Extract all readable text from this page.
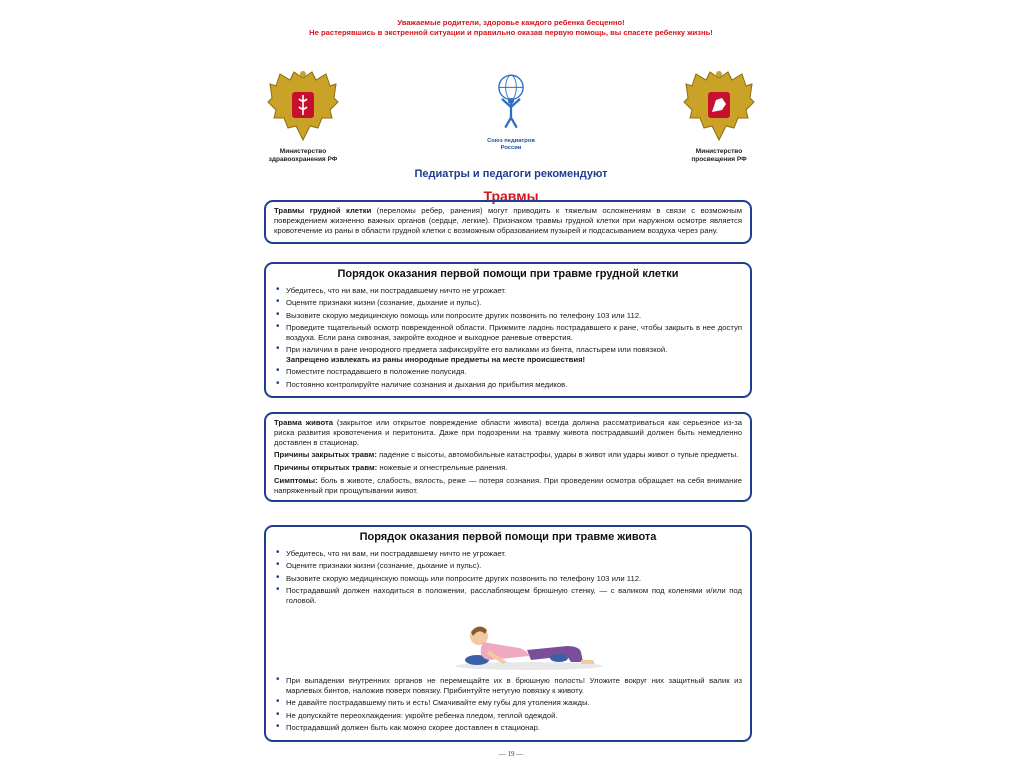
Уважаемые родители, здоровье каждого ребенка бесценно!
Не растерявшись в экстренной ситуации и правильно оказав первую помощь, вы спасете ребенку жизнь!
Министерство здравоохранения РФ
Союз педиатров России
Министерство просвещения РФ
Педиатры и педагоги рекомендуют
Травмы

Травмы грудной клетки (переломы ребер, ранения) могут приводить к тяжелым осложнениям в связи с возможным повреждением жизненно важных органов (сердце, легкие). Признаком травмы грудной клетки при наружном осмотре является кровотечение из раны в области грудной клетки с возможным образованием пузырей и подсасыванием воздуха через рану.

Порядок оказания первой помощи при травме грудной клетки
• Убедитесь, что ни вам, ни пострадавшему ничто не угрожает.
• Оцените признаки жизни (сознание, дыхание и пульс).
• Вызовите скорую медицинскую помощь или попросите других позвонить по телефону 103 или 112.
• Проведите тщательный осмотр поврежденной области. Прижмите ладонь пострадавшего к ране, чтобы закрыть в нее доступ воздуха. Если рана сквозная, закройте входное и выходное раневые отверстия.
• При наличии в ране инородного предмета зафиксируйте его валиками из бинта, пластырем или повязкой.
Запрещено извлекать из раны инородные предметы на месте происшествия!
• Поместите пострадавшего в положение полусидя.
• Постоянно контролируйте наличие сознания и дыхания до прибытия медиков.

Травма живота (закрытое или открытое повреждение области живота) всегда должна рассматриваться как серьезное из-за риска развития кровотечения и перитонита. Даже при подозрении на травму живота пострадавший должен быть немедленно доставлен в стационар.

Причины закрытых травм: падение с высоты, автомобильные катастрофы, удары в живот или удары живот о тупые предметы.

Причины открытых травм: ножевые и огнестрельные ранения.

Симптомы: боль в животе, слабость, вялость, реже — потеря сознания. При проведении осмотра обращает на себя внимание напряженный при прощупывании живот.

Порядок оказания первой помощи при травме живота
• Убедитесь, что ни вам, ни пострадавшему ничто не угрожает.
• Оцените признаки жизни (сознание, дыхание и пульс).
• Вызовите скорую медицинскую помощь или попросите других позвонить по телефону 103 или 112.
• Пострадавший должен находиться в положении, расслабляющем брюшную стенку, — с валиком под коленями и/или под головой.
• При выпадении внутренних органов не перемещайте их в брюшную полость! Уложите вокруг них защитный валик из марлевых бинтов, наложив поверх повязку. Прибинтуйте нетугую повязку к животу.
• Не давайте пострадавшему пить и есть! Смачивайте ему губы для утоления жажды.
• Не допускайте переохлаждения: укройте ребенка пледом, теплой одеждой.
• Пострадавший должен быть как можно скорее доставлен в стационар.
— 19 —
